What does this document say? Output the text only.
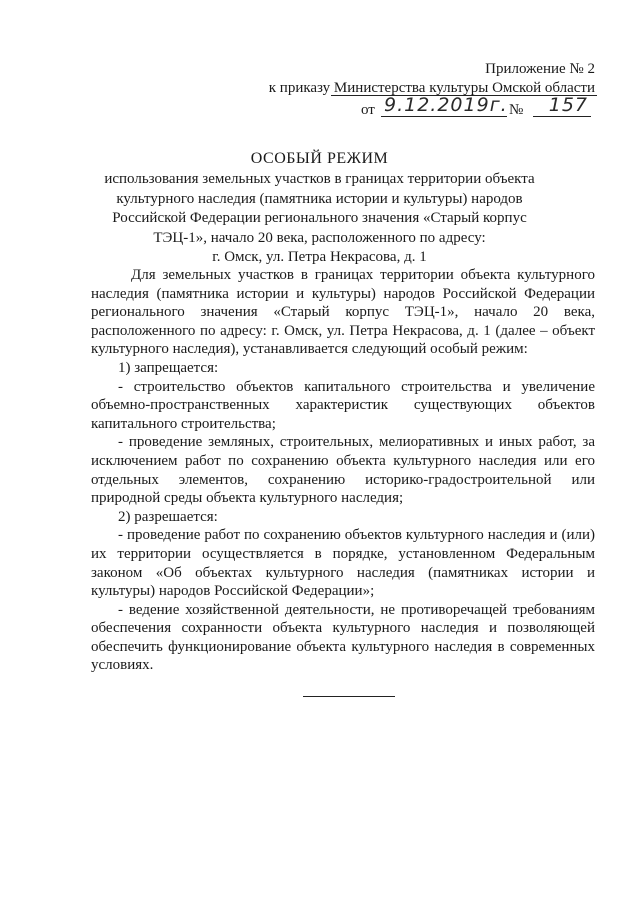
Приложение № 2
к приказу Министерства культуры Омской области
от 9.12.2019г. №	157

ОСОБЫЙ РЕЖИМ

использования земельных участков в границах территории объекта

культурного наследия (памятника истории и культуры) народов

Российской Федерации регионального значения «Старый корпус

ТЭЦ-1», начало 20 века, расположенного по адресу:

г. Омск, ул. Петра Некрасова, д. 1

Для земельных участков в границах территории объекта культурного наследия (памятника истории и культуры) народов Российской Федерации регионального значения «Старый корпус ТЭЦ-1», начало 20 века, расположенного по адресу: г. Омск, ул. Петра Некрасова, д. 1 (далее – объект культурного наследия), устанавливается следующий особый режим:

1) запрещается:

- строительство объектов капитального строительства и увеличение объемно-пространственных характеристик существующих объектов капитального строительства;

- проведение земляных, строительных, мелиоративных и иных работ, за исключением работ по сохранению объекта культурного наследия или его отдельных элементов, сохранению историко-градостроительной или природной среды объекта культурного наследия;

2) разрешается:

- проведение работ по сохранению объектов культурного наследия и (или) их территории осуществляется в порядке, установленном Федеральным законом «Об объектах культурного наследия (памятниках истории и культуры) народов Российской Федерации»;

- ведение хозяйственной деятельности, не противоречащей требованиям обеспечения сохранности объекта культурного наследия и позволяющей обеспечить функционирование объекта культурного наследия в современных условиях.
